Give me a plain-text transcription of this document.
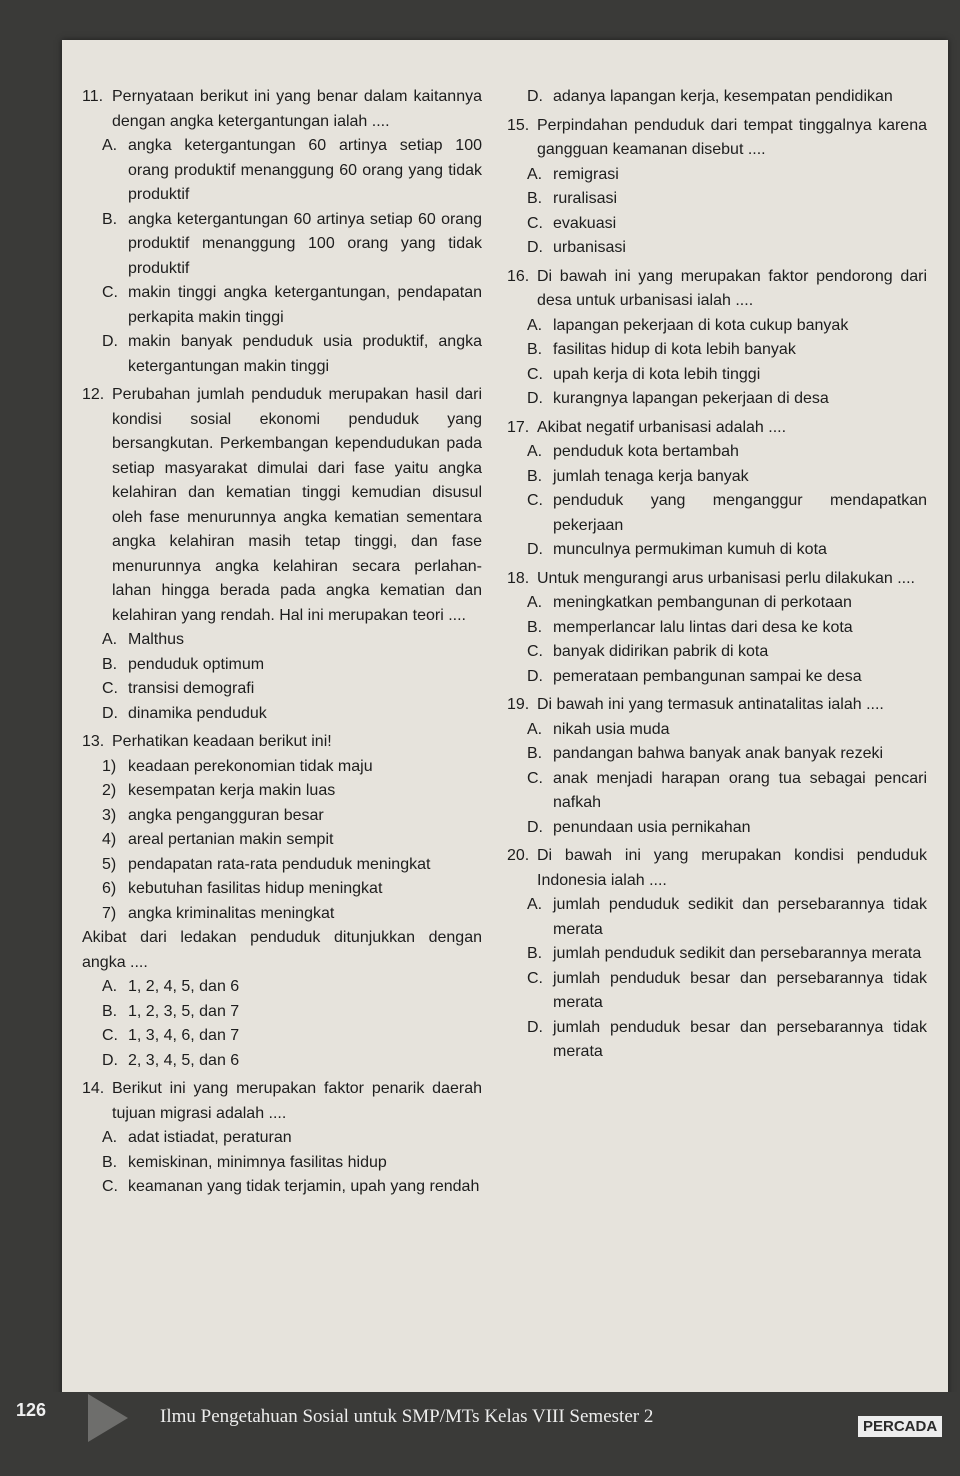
11. Pernyataan berikut ini yang benar dalam kaitannya dengan angka ketergantungan ialah ....
A. angka ketergantungan 60 artinya setiap 100 orang produktif menanggung 60 orang yang tidak produktif
B. angka ketergantungan 60 artinya setiap 60 orang produktif menanggung 100 orang yang tidak produktif
C. makin tinggi angka ketergantungan, pendapatan perkapita makin tinggi
D. makin banyak penduduk usia produktif, angka ketergantungan makin tinggi
12. Perubahan jumlah penduduk merupakan hasil dari kondisi sosial ekonomi penduduk yang bersangkutan. Perkembangan kependudukan pada setiap masyarakat dimulai dari fase yaitu angka kelahiran dan kematian tinggi kemudian disusul oleh fase menurunnya angka kematian sementara angka kelahiran masih tetap tinggi, dan fase menurunnya angka kelahiran secara perlahan-lahan hingga berada pada angka kematian dan kelahiran yang rendah. Hal ini merupakan teori ....
A. Malthus
B. penduduk optimum
C. transisi demografi
D. dinamika penduduk
13. Perhatikan keadaan berikut ini!
1) keadaan perekonomian tidak maju
2) kesempatan kerja makin luas
3) angka pengangguran besar
4) areal pertanian makin sempit
5) pendapatan rata-rata penduduk meningkat
6) kebutuhan fasilitas hidup meningkat
7) angka kriminalitas meningkat
Akibat dari ledakan penduduk ditunjukkan dengan angka ....
A. 1, 2, 4, 5, dan 6
B. 1, 2, 3, 5, dan 7
C. 1, 3, 4, 6, dan 7
D. 2, 3, 4, 5, dan 6
14. Berikut ini yang merupakan faktor penarik daerah tujuan migrasi adalah ....
A. adat istiadat, peraturan
B. kemiskinan, minimnya fasilitas hidup
C. keamanan yang tidak terjamin, upah yang rendah
D. adanya lapangan kerja, kesempatan pendidikan
15. Perpindahan penduduk dari tempat tinggalnya karena gangguan keamanan disebut ....
A. remigrasi
B. ruralisasi
C. evakuasi
D. urbanisasi
16. Di bawah ini yang merupakan faktor pendorong dari desa untuk urbanisasi ialah ....
A. lapangan pekerjaan di kota cukup banyak
B. fasilitas hidup di kota lebih banyak
C. upah kerja di kota lebih tinggi
D. kurangnya lapangan pekerjaan di desa
17. Akibat negatif urbanisasi adalah ....
A. penduduk kota bertambah
B. jumlah tenaga kerja banyak
C. penduduk yang menganggur mendapatkan pekerjaan
D. munculnya permukiman kumuh di kota
18. Untuk mengurangi arus urbanisasi perlu dilakukan ....
A. meningkatkan pembangunan di perkotaan
B. memperlancar lalu lintas dari desa ke kota
C. banyak didirikan pabrik di kota
D. pemerataan pembangunan sampai ke desa
19. Di bawah ini yang termasuk antinatalitas ialah ....
A. nikah usia muda
B. pandangan bahwa banyak anak banyak rezeki
C. anak menjadi harapan orang tua sebagai pencari nafkah
D. penundaan usia pernikahan
20. Di bawah ini yang merupakan kondisi penduduk Indonesia ialah ....
A. jumlah penduduk sedikit dan persebarannya tidak merata
B. jumlah penduduk sedikit dan persebarannya merata
C. jumlah penduduk besar dan persebarannya tidak merata
D. jumlah penduduk besar dan persebarannya tidak merata
126	Ilmu Pengetahuan Sosial untuk SMP/MTs Kelas VIII Semester 2	PERCADA
